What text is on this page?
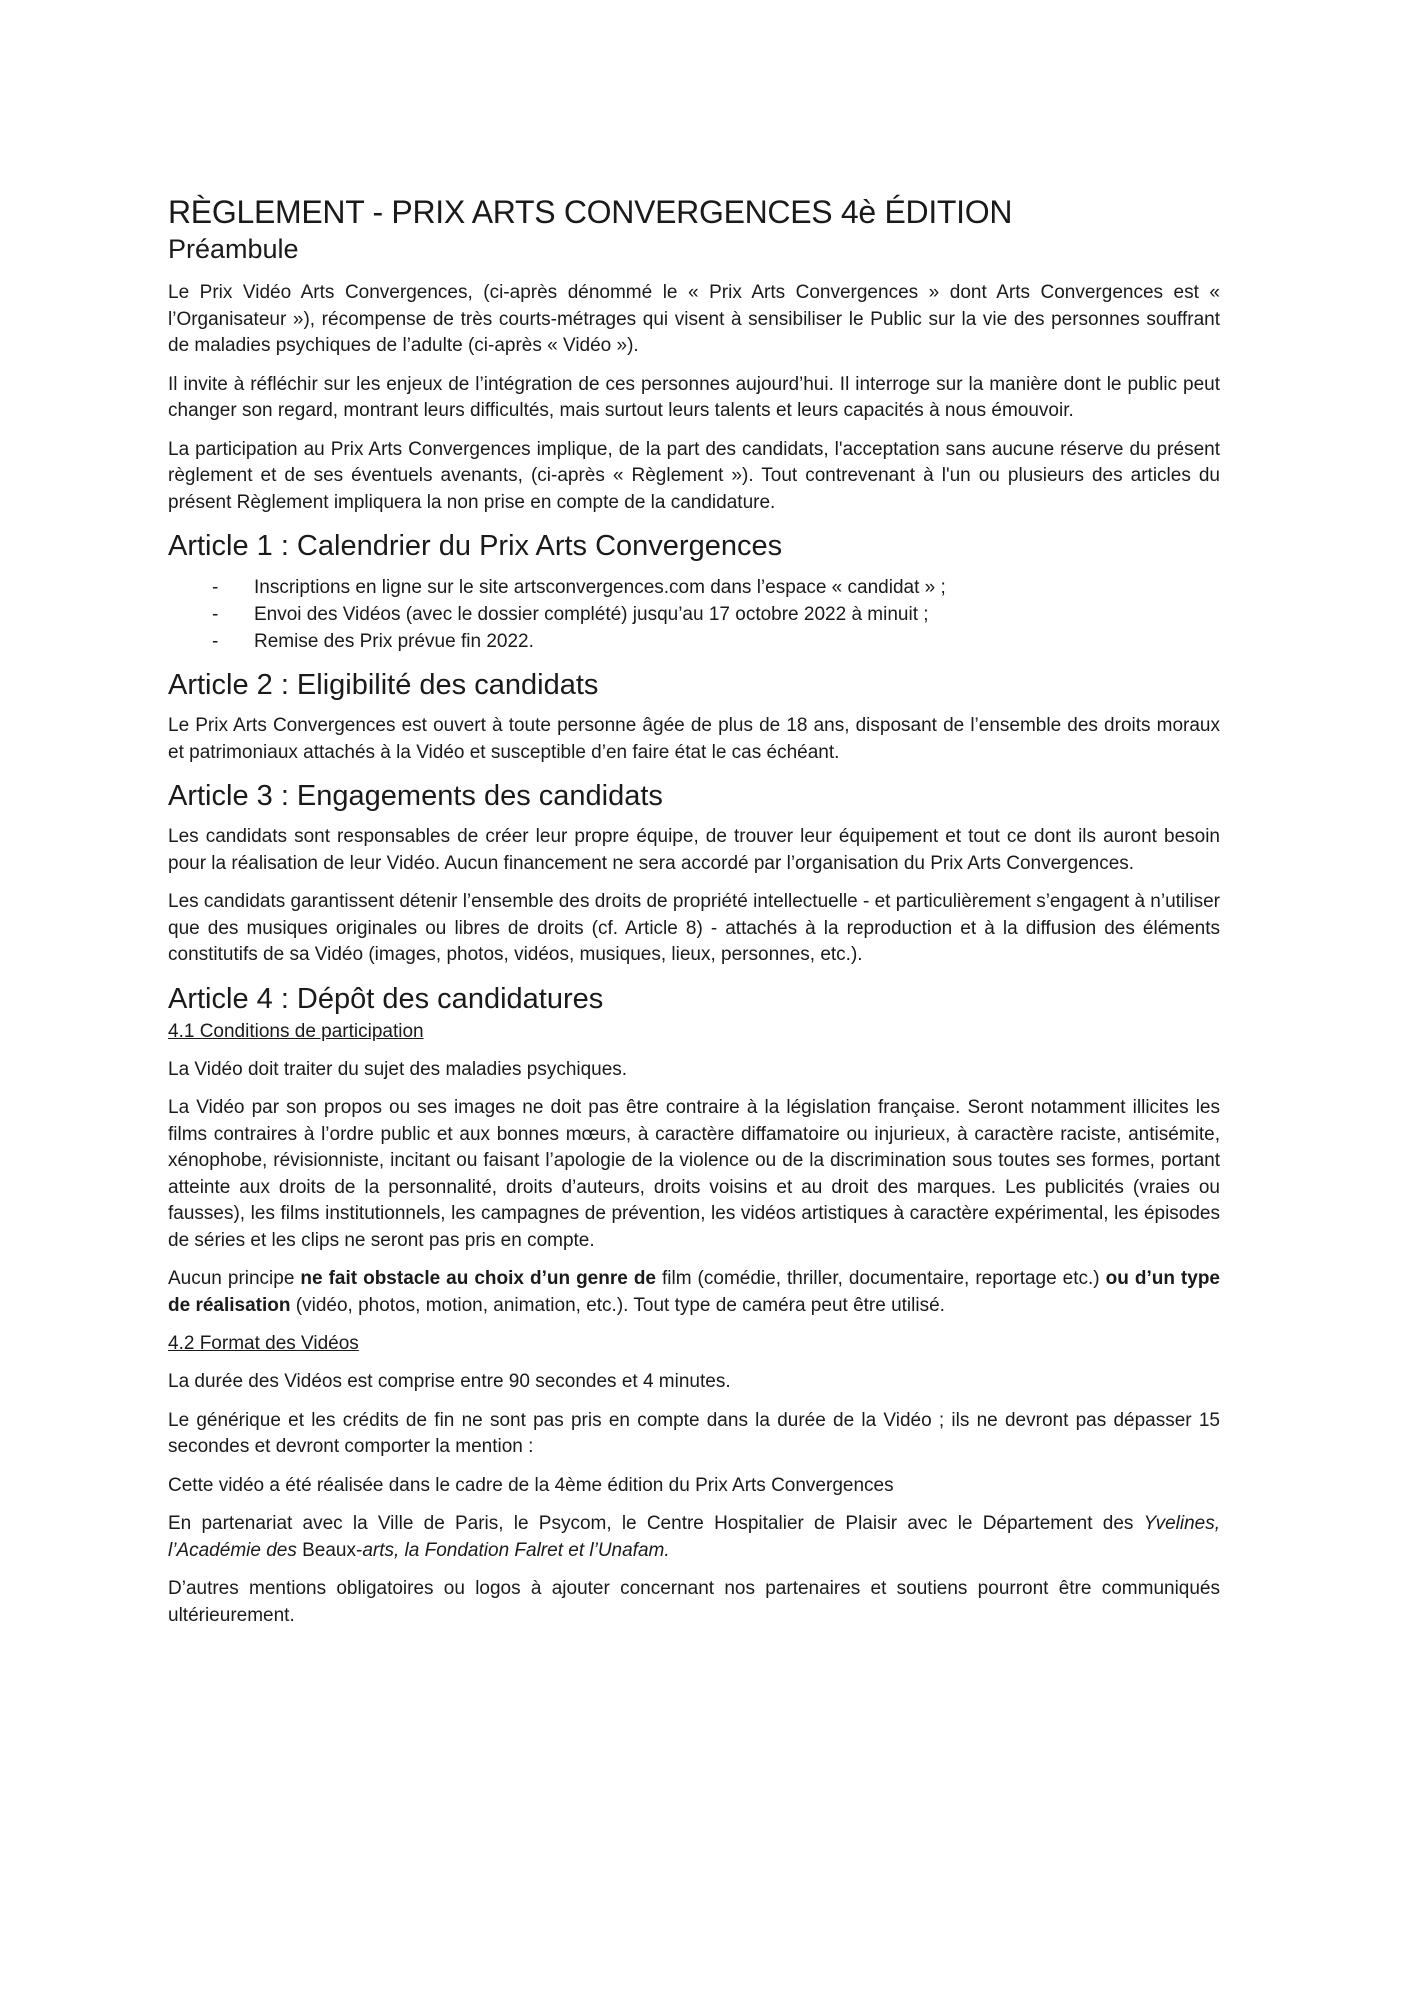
RÈGLEMENT - PRIX ARTS CONVERGENCES 4è ÉDITION
Préambule

Le Prix Vidéo Arts Convergences, (ci-après dénommé le « Prix Arts Convergences » dont Arts Convergences est « l’Organisateur »), récompense de très courts-métrages qui visent à sensibiliser le Public sur la vie des personnes souffrant de maladies psychiques de l’adulte (ci-après « Vidéo »).

Il invite à réfléchir sur les enjeux de l’intégration de ces personnes aujourd’hui. Il interroge sur la manière dont le public peut changer son regard, montrant leurs difficultés, mais surtout leurs talents et leurs capacités à nous émouvoir.

La participation au Prix Arts Convergences implique, de la part des candidats, l'acceptation sans aucune réserve du présent règlement et de ses éventuels avenants, (ci-après « Règlement »). Tout contrevenant à l'un ou plusieurs des articles du présent Règlement impliquera la non prise en compte de la candidature.

Article 1 : Calendrier du Prix Arts Convergences
- Inscriptions en ligne sur le site artsconvergences.com dans l’espace « candidat » ;
- Envoi des Vidéos (avec le dossier complété) jusqu’au 17 octobre 2022 à minuit ;
- Remise des Prix prévue fin 2022.
Article 2 : Eligibilité des candidats

Le Prix Arts Convergences est ouvert à toute personne âgée de plus de 18 ans, disposant de l’ensemble des droits moraux et patrimoniaux attachés à la Vidéo et susceptible d’en faire état le cas échéant.

Article 3 : Engagements des candidats

Les candidats sont responsables de créer leur propre équipe, de trouver leur équipement et tout ce dont ils auront besoin pour la réalisation de leur Vidéo. Aucun financement ne sera accordé par l’organisation du Prix Arts Convergences.

Les candidats garantissent détenir l’ensemble des droits de propriété intellectuelle - et particulièrement s’engagent à n’utiliser que des musiques originales ou libres de droits (cf. Article 8) - attachés à la reproduction et à la diffusion des éléments constitutifs de sa Vidéo (images, photos, vidéos, musiques, lieux, personnes, etc.).

Article 4 : Dépôt des candidatures
4.1 Conditions de participation

La Vidéo doit traiter du sujet des maladies psychiques.

La Vidéo par son propos ou ses images ne doit pas être contraire à la législation française. Seront notamment illicites les films contraires à l’ordre public et aux bonnes mœurs, à caractère diffamatoire ou injurieux, à caractère raciste, antisémite, xénophobe, révisionniste, incitant ou faisant l’apologie de la violence ou de la discrimination sous toutes ses formes, portant atteinte aux droits de la personnalité, droits d’auteurs, droits voisins et au droit des marques. Les publicités (vraies ou fausses), les films institutionnels, les campagnes de prévention, les vidéos artistiques à caractère expérimental, les épisodes de séries et les clips ne seront pas pris en compte.

Aucun principe ne fait obstacle au choix d’un genre de film (comédie, thriller, documentaire, reportage etc.) ou d’un type de réalisation (vidéo, photos, motion, animation, etc.). Tout type de caméra peut être utilisé.

4.2 Format des Vidéos

La durée des Vidéos est comprise entre 90 secondes et 4 minutes.

Le générique et les crédits de fin ne sont pas pris en compte dans la durée de la Vidéo ; ils ne devront pas dépasser 15 secondes et devront comporter la mention :

Cette vidéo a été réalisée dans le cadre de la 4ème édition du Prix Arts Convergences

En partenariat avec la Ville de Paris, le Psycom, le Centre Hospitalier de Plaisir avec le Département des Yvelines, l’Académie des Beaux-arts, la Fondation Falret et l’Unafam.

D’autres mentions obligatoires ou logos à ajouter concernant nos partenaires et soutiens pourront être communiqués ultérieurement.
